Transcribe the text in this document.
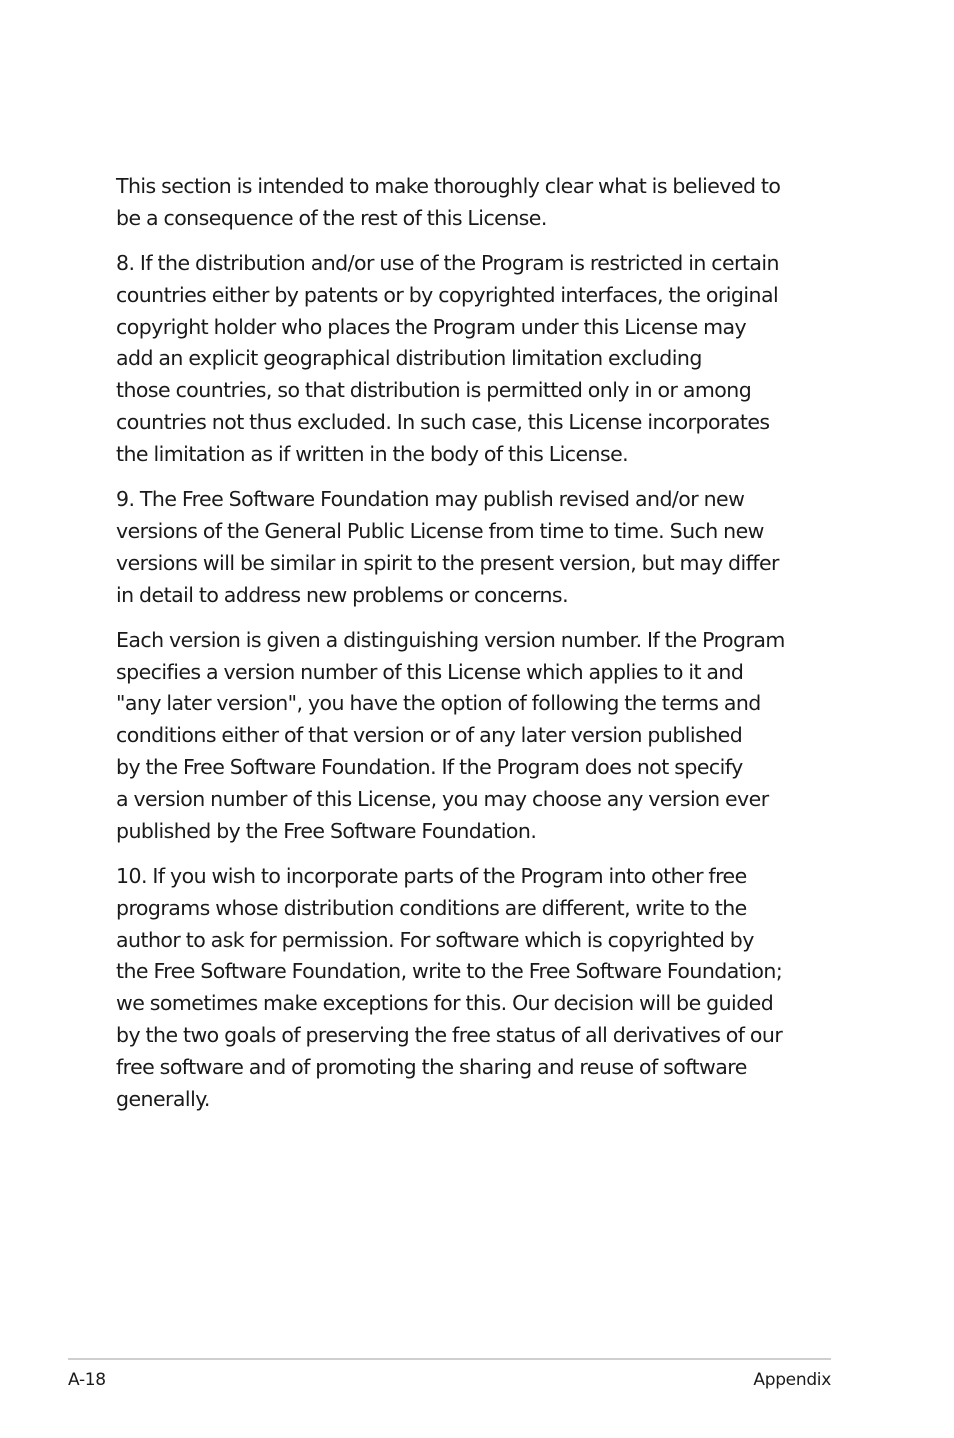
This section is intended to make thoroughly clear what is believed to
be a consequence of the rest of this License.

8. If the distribution and/or use of the Program is restricted in certain
countries either by patents or by copyrighted interfaces, the original
copyright holder who places the Program under this License may
add an explicit geographical distribution limitation excluding
those countries, so that distribution is permitted only in or among
countries not thus excluded. In such case, this License incorporates
the limitation as if written in the body of this License.

9. The Free Software Foundation may publish revised and/or new
versions of the General Public License from time to time. Such new
versions will be similar in spirit to the present version, but may differ
in detail to address new problems or concerns.

Each version is given a distinguishing version number. If the Program
specifies a version number of this License which applies to it and
"any later version", you have the option of following the terms and
conditions either of that version or of any later version published
by the Free Software Foundation. If the Program does not specify
a version number of this License, you may choose any version ever
published by the Free Software Foundation.

10. If you wish to incorporate parts of the Program into other free
programs whose distribution conditions are different, write to the
author to ask for permission. For software which is copyrighted by
the Free Software Foundation, write to the Free Software Foundation;
we sometimes make exceptions for this. Our decision will be guided
by the two goals of preserving the free status of all derivatives of our
free software and of promoting the sharing and reuse of software
generally.

A-18	Appendix
